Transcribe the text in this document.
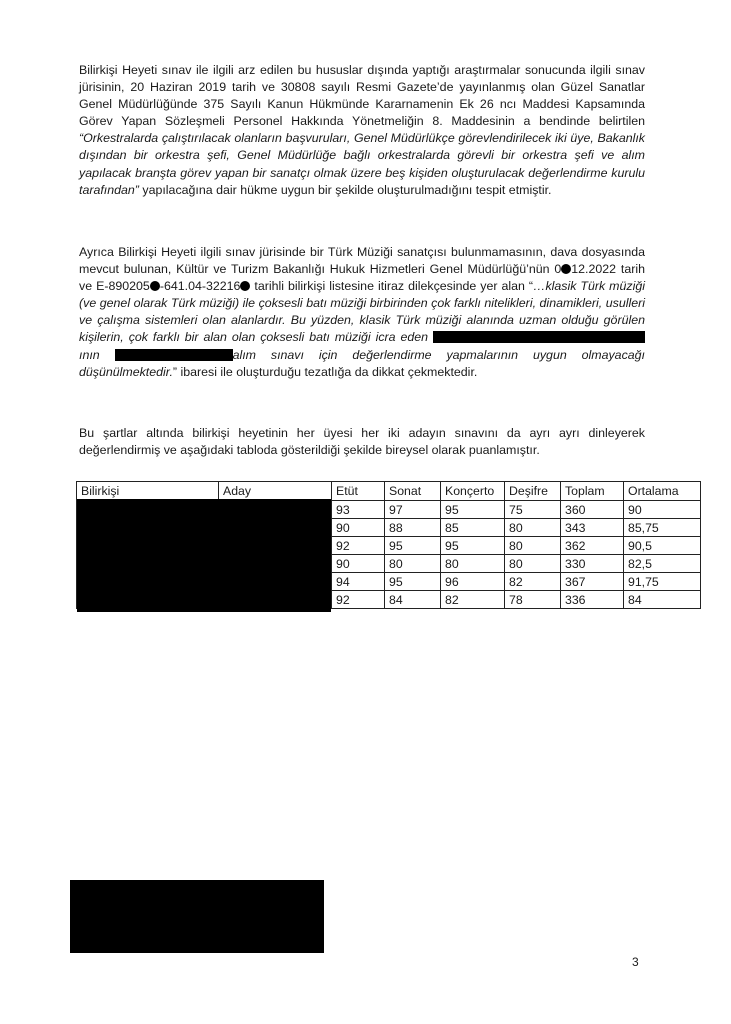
Bilirkişi Heyeti sınav ile ilgili arz edilen bu hususlar dışında yaptığı araştırmalar sonucunda ilgili sınav jürisinin, 20 Haziran 2019 tarih ve 30808 sayılı Resmi Gazete’de yayınlanmış olan Güzel Sanatlar Genel Müdürlüğünde 375 Sayılı Kanun Hükmünde Kararnamenin Ek 26 ncı Maddesi Kapsamında Görev Yapan Sözleşmeli Personel Hakkında Yönetmeliğin 8. Maddesinin a bendinde belirtilen “Orkestralarda çalıştırılacak olanların başvuruları, Genel Müdürlükçe görevlendirilecek iki üye, Bakanlık dışından bir orkestra şefi, Genel Müdürlüğe bağlı orkestralarda görevli bir orkestra şefi ve alım yapılacak branşta görev yapan bir sanatçı olmak üzere beş kişiden oluşturulacak değerlendirme kurulu tarafından” yapılacağına dair hükme uygun bir şekilde oluşturulmadığını tespit etmiştir.

Ayrıca Bilirkişi Heyeti ilgili sınav jürisinde bir Türk Müziği sanatçısı bulunmamasının, dava dosyasında mevcut bulunan, Kültür ve Turizm Bakanlığı Hukuk Hizmetleri Genel Müdürlüğü’nün 0 12.2022 tarih ve E-890205 -641.04-32216 tarihli bilirkişi listesine itiraz dilekçesinde yer alan “…klasik Türk müziği (ve genel olarak Türk müziği) ile çoksesli batı müziği birbirinden çok farklı nitelikleri, dinamikleri, usulleri ve çalışma sistemleri olan alanlardır. Bu yüzden, klasik Türk müziği alanında uzman olduğu görülen kişilerin, çok farklı bir alan olan çoksesli batı müziği icra eden ının	alım sınavı için değerlendirme yapmalarının uygun olmayacağı düşünülmektedir.” ibaresi ile oluşturduğu tezatlığa da dikkat çekmektedir.

Bu şartlar altında bilirkişi heyetinin her üyesi her iki adayın sınavını da ayrı ayrı dinleyerek değerlendirmiş ve aşağıdaki tabloda gösterildiği şekilde bireysel olarak puanlamıştır.

Bilirkişi	Aday	Etüt	Sonat	Konçerto	Deşifre	Toplam	Ortalama
		93	97	95	75	360	90
		90	88	85	80	343	85,75
		92	95	95	80	362	90,5
		90	80	80	80	330	82,5
		94	95	96	82	367	91,75
		92	84	82	78	336	84
3
